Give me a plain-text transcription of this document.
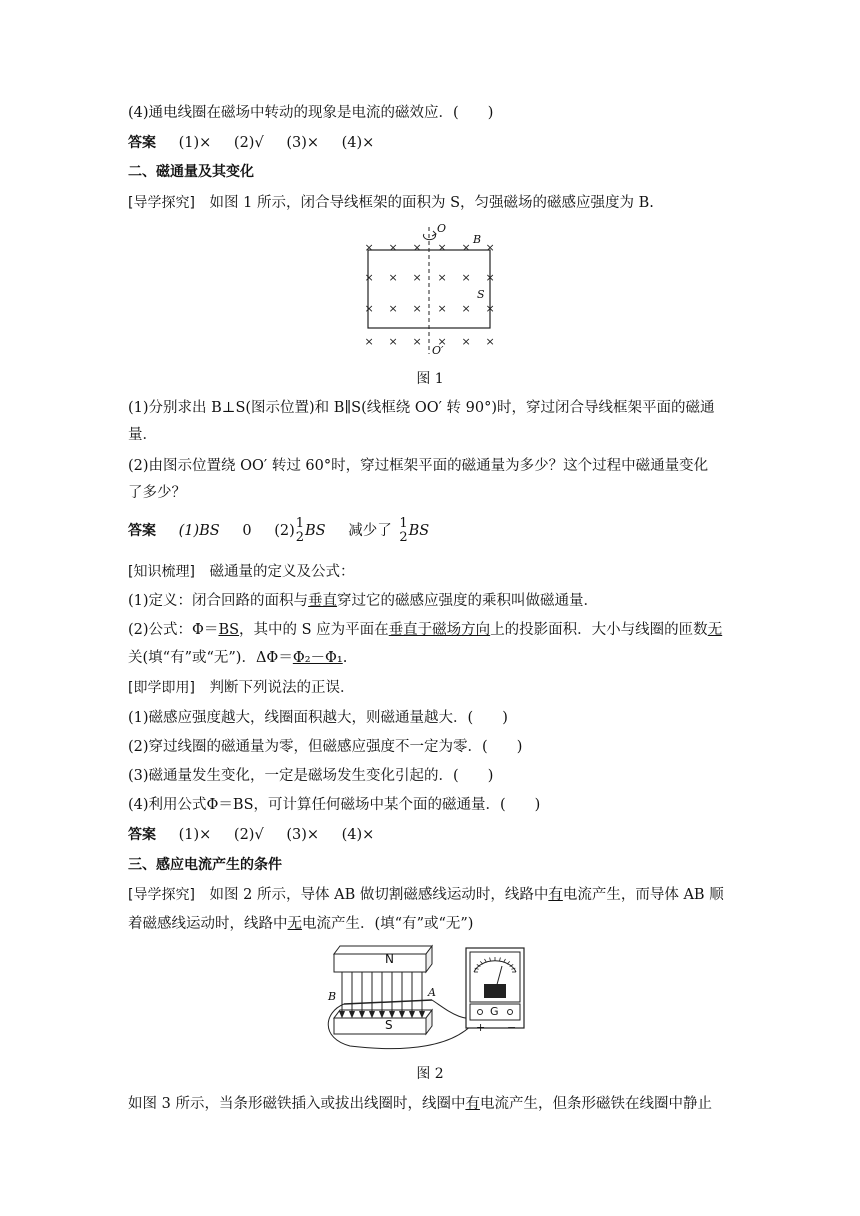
(4)通电线圈在磁场中转动的现象是电流的磁效应．(　　)
答案 (1)× (2)√ (3)× (4)×
二、磁通量及其变化
[导学探究] 如图 1 所示，闭合导线框架的面积为 S，匀强磁场的磁感应强度为 B.
× × × × × ×
× × × × × ×
× × × × × ×
× × × × × ×
O
B
S
O′
图 1
(1)分别求出 B⊥S(图示位置)和 B∥S(线框绕 OO′ 转 90°)时，穿过闭合导线框架平面的磁通
量．
(2)由图示位置绕 OO′ 转过 60°时，穿过框架平面的磁通量为多少？这个过程中磁通量变化
了多少？
答案 (1)BS 0 (2) 1
2 BS 减少了 1
2 BS
[知识梳理] 磁通量的定义及公式：
(1)定义：闭合回路的面积与垂直穿过它的磁感应强度的乘积叫做磁通量．
(2)公式：Φ＝BS，其中的 S 应为平面在垂直于磁场方向上的投影面积．大小与线圈的匝数无
关(填“有”或“无”)．ΔΦ＝Φ₂－Φ₁.
[即学即用] 判断下列说法的正误．
(1)磁感应强度越大，线圈面积越大，则磁通量越大．(　　)
(2)穿过线圈的磁通量为零，但磁感应强度不一定为零．(　　)
(3)磁通量发生变化，一定是磁场发生变化引起的．(　　)
(4)利用公式Φ＝BS，可计算任何磁场中某个面的磁通量．(　　)
答案 (1)× (2)√ (3)× (4)×
三、感应电流产生的条件
[导学探究] 如图 2 所示，导体 AB 做切割磁感线运动时，线路中有电流产生，而导体 AB 顺
着磁感线运动时，线路中无电流产生．(填“有”或“无”)
N
S
B	A
G
+ −
图 2
如图 3 所示，当条形磁铁插入或拔出线圈时，线圈中有电流产生，但条形磁铁在线圈中静止
